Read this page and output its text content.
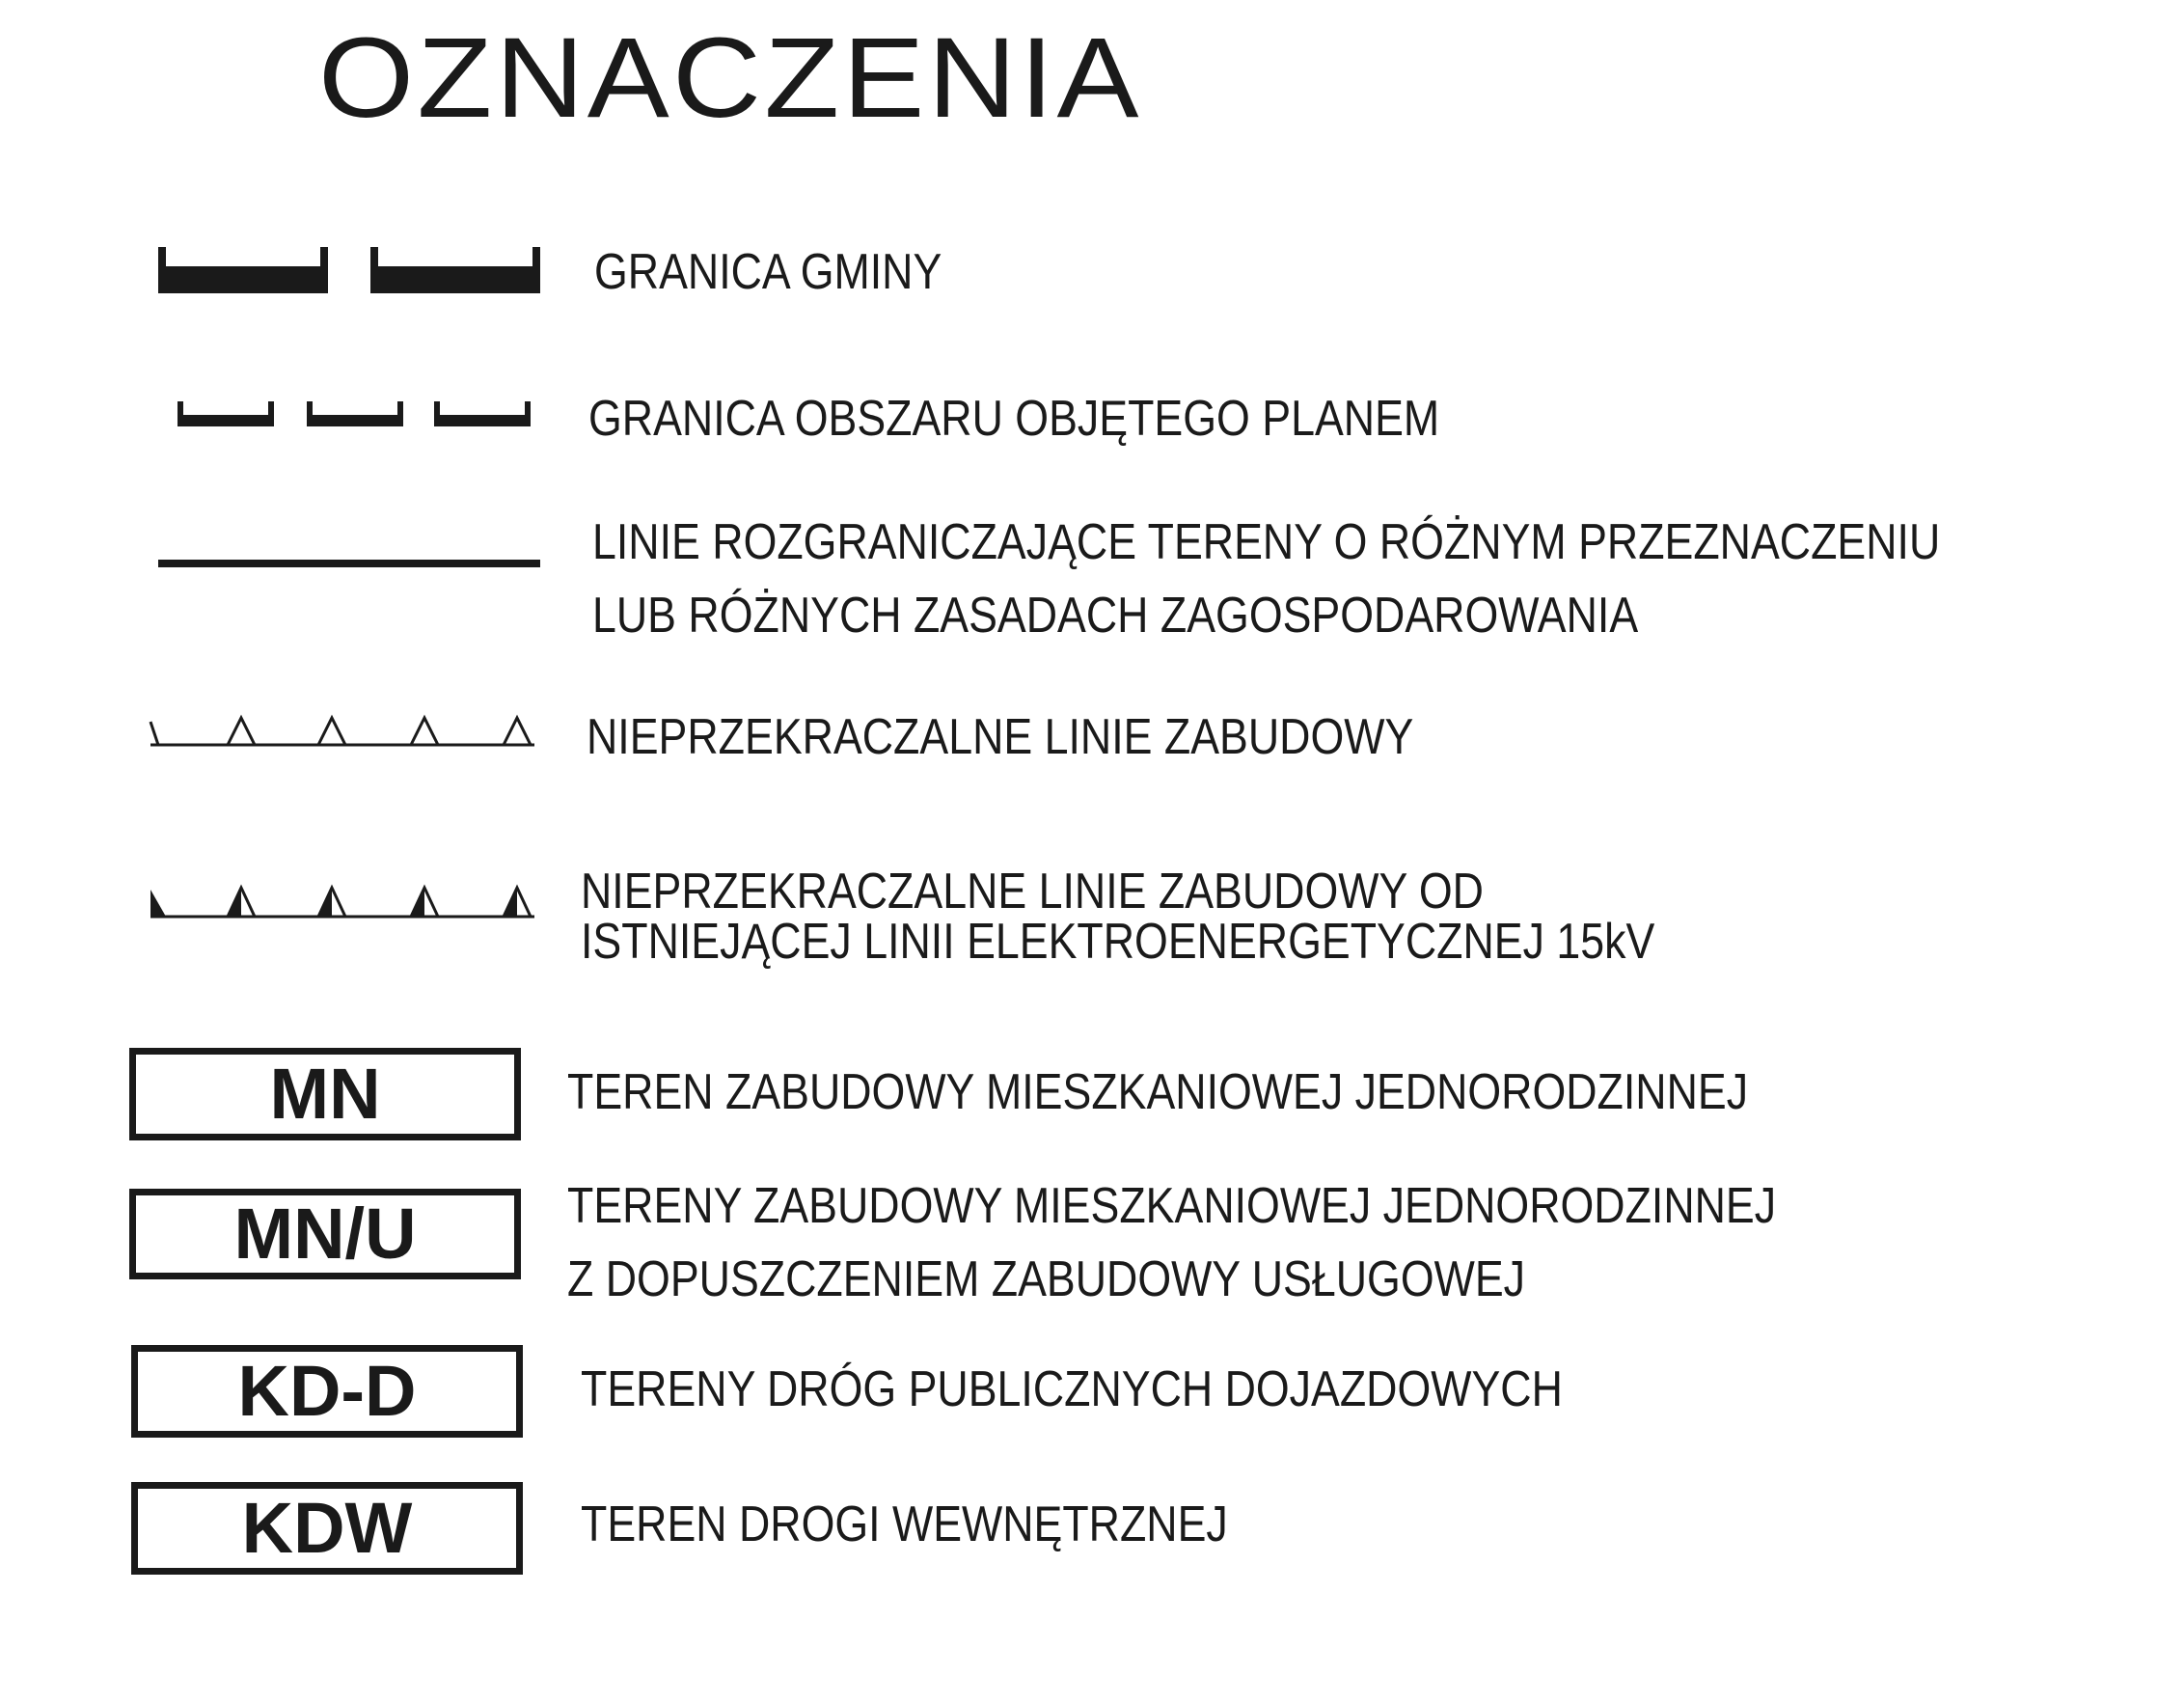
OZNACZENIA
GRANICA GMINY
GRANICA OBSZARU OBJĘTEGO PLANEM
LINIE ROZGRANICZAJĄCE TERENY O RÓŻNYM PRZEZNACZENIU
LUB RÓŻNYCH ZASADACH ZAGOSPODAROWANIA
NIEPRZEKRACZALNE LINIE ZABUDOWY
NIEPRZEKRACZALNE LINIE ZABUDOWY OD
ISTNIEJĄCEJ LINII ELEKTROENERGETYCZNEJ 15kV
MN	TEREN ZABUDOWY MIESZKANIOWEJ JEDNORODZINNEJ
MN/U	TERENY ZABUDOWY MIESZKANIOWEJ JEDNORODZINNEJ
Z DOPUSZCZENIEM ZABUDOWY USŁUGOWEJ
KD-D	TERENY DRÓG PUBLICZNYCH DOJAZDOWYCH
KDW	TEREN DROGI WEWNĘTRZNEJ
